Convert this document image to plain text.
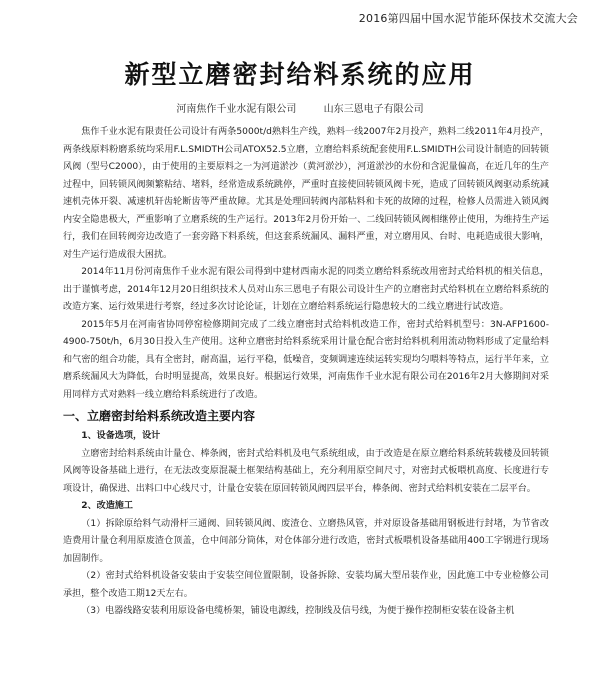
2016第四届中国水泥节能环保技术交流大会
新型立磨密封给料系统的应用
河南焦作千业水泥有限公司	山东三恩电子有限公司

焦作千业水泥有限责任公司设计有两条5000t/d熟料生产线，熟料一线2007年2月投产，熟料二线2011年4月投产，两条线原料粉磨系统均采用F.L.SMIDTH公司ATOX52.5立磨，立磨给料系统配套使用F.L.SMIDTH公司设计制造的回转锁风阀（型号C2000），由于使用的主要原料之一为河道淤沙（黄河淤沙），河道淤沙的水份和含泥量偏高，在近几年的生产过程中，回转锁风阀频繁粘结、堵料，经常造成系统跳停，严重时直接使回转锁风阀卡死，造成了回转锁风阀驱动系统减速机壳体开裂、减速机轩齿轮断齿等严重故障。尤其是处理回转阀内部粘料和卡死的故障的过程，检修人员需进入锁风阀内安全隐患极大，严重影响了立磨系统的生产运行。2013年2月份开始一、二线回转锁风阀相继停止使用，为维持生产运行，我们在回转阀旁边改造了一套旁路下料系统，但这套系统漏风、漏料严重，对立磨用风、台时、电耗造成很大影响，对生产运行造成很大困扰。

2014年11月份河南焦作千业水泥有限公司得到中建材西南水泥的同类立磨给料系统改用密封式给料机的相关信息，出于谨慎考虑，2014年12月20日组织技术人员对山东三恩电子有限公司设计生产的立磨密封式给料机在立磨给料系统的改造方案、运行效果进行考察，经过多次讨论论证，计划在立磨给料系统运行隐患较大的二线立磨进行试改造。

2015年5月在河南省协同停窑检修期间完成了二线立磨密封式给料机改造工作，密封式给料机型号：3N-AFP1600-4900-750t/h，6月30日投入生产使用。这种立磨密封给料系统采用计量仓配合密封给料机利用流动物料形成了定量给料和气密的组合功能，具有全密封，耐高温，运行平稳，低噪音，变频调速连续运转实现均匀喂料等特点，运行半年来，立磨系统漏风大为降低，台时明显提高，效果良好。根据运行效果，河南焦作千业水泥有限公司在2016年2月大修期间对采用同样方式对熟料一线立磨给料系统进行了改造。

一、立磨密封给料系统改造主要内容

1、设备选项，设计

立磨密封给料系统由计量仓、棒条阀，密封式给料机及电气系统组成，由于改造是在原立磨给料系统转载楼及回转锁风阀等设备基础上进行，在无法改变原混凝土框架结构基础上，充分利用原空间尺寸，对密封式板喂机高度、长度进行专项设计，确保进、出料口中心线尺寸，计量仓安装在原回转锁风阀四层平台，棒条阀、密封式给料机安装在二层平台。

2、改造施工

（1）拆除原给料气动滑杆三通阀、回转锁风阀、废渣仓、立磨热风管，并对原设备基础用钢板进行封堵，为节省改造费用计量仓利用原废渣仓顶盖，仓中间部分筒体，对仓体部分进行改造，密封式板喂机设备基础用400工字钢进行现场加固制作。

（2）密封式给料机设备安装由于安装空间位置限制，设备拆除、安装均属大型吊装作业，因此施工中专业检修公司承担，整个改造工期12天左右。

（3）电器线路安装利用原设备电缆桥架，铺设电源线，控制线及信号线，为便于操作控制柜安装在设备主机
